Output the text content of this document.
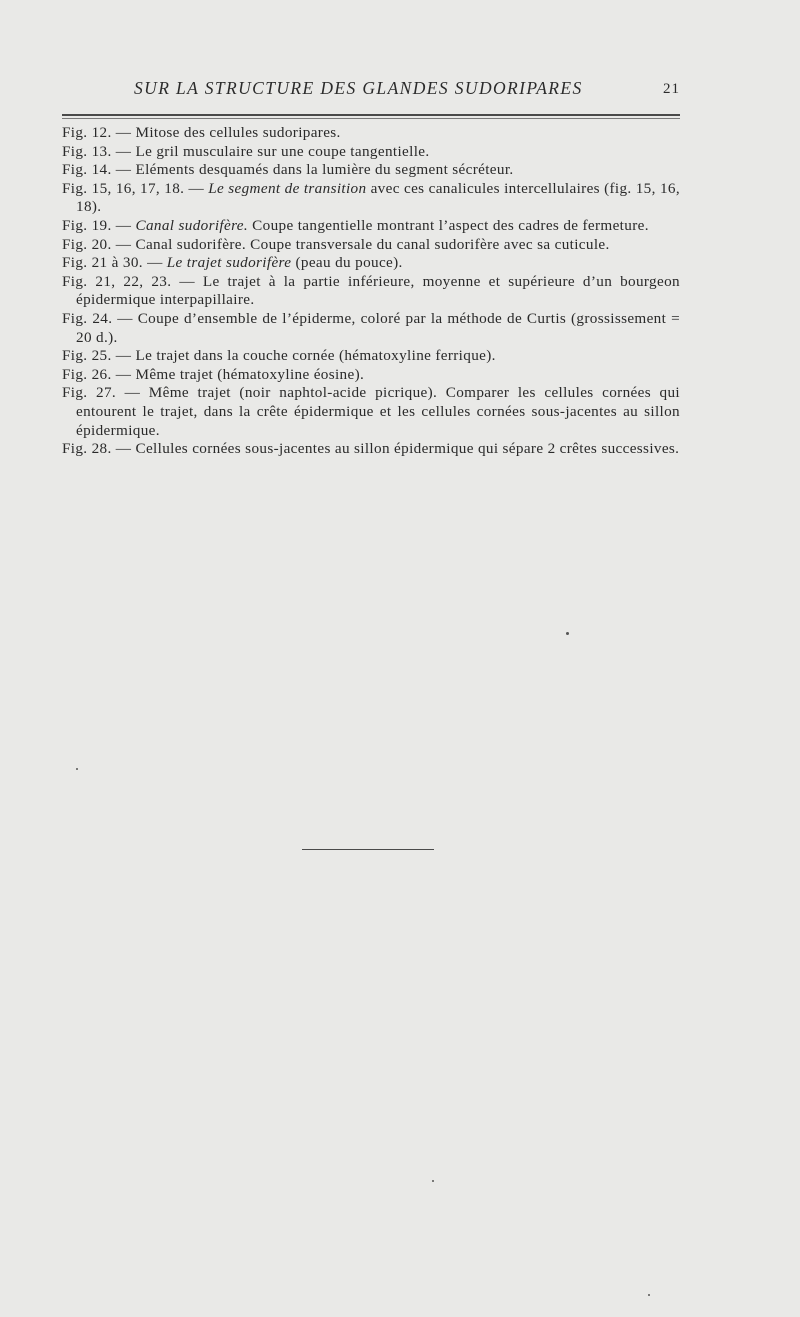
SUR LA STRUCTURE DES GLANDES SUDORIPARES	21

Fig. 12. — Mitose des cellules sudoripares.

Fig. 13. — Le gril musculaire sur une coupe tangentielle.

Fig. 14. — Eléments desquamés dans la lumière du segment sécréteur.

Fig. 15, 16, 17, 18. — Le segment de transition avec ces canalicules intercellulaires (fig. 15, 16, 18).

Fig. 19. — Canal sudorifère. Coupe tangentielle montrant l’aspect des cadres de fermeture.

Fig. 20. — Canal sudorifère. Coupe transversale du canal sudorifère avec sa cuticule.

Fig. 21 à 30. — Le trajet sudorifère (peau du pouce).

Fig. 21, 22, 23. — Le trajet à la partie inférieure, moyenne et supérieure d’un bourgeon épidermique interpapillaire.

Fig. 24. — Coupe d’ensemble de l’épiderme, coloré par la méthode de Curtis (grossissement = 20 d.).

Fig. 25. — Le trajet dans la couche cornée (hématoxyline ferrique).

Fig. 26. — Même trajet (hématoxyline éosine).

Fig. 27. — Même trajet (noir naphtol-acide picrique). Comparer les cellules cornées qui entourent le trajet, dans la crête épidermique et les cellules cornées sous-jacentes au sillon épidermique.

Fig. 28. — Cellules cornées sous-jacentes au sillon épidermique qui sépare 2 crêtes successives.
